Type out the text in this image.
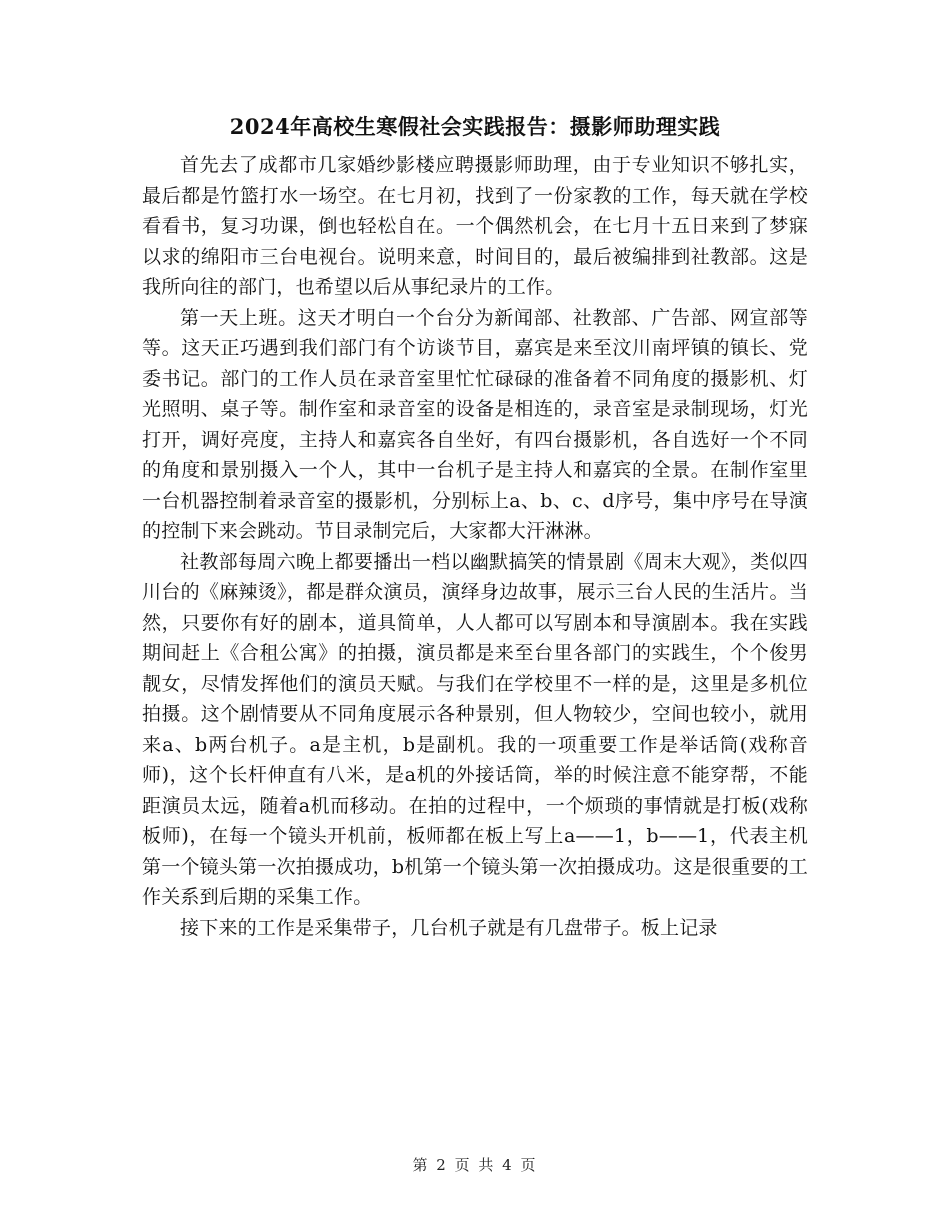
2024年高校生寒假社会实践报告：摄影师助理实践

首先去了成都市几家婚纱影楼应聘摄影师助理，由于专业知识不够扎实，最后都是竹篮打水一场空。在七月初，找到了一份家教的工作，每天就在学校看看书，复习功课，倒也轻松自在。一个偶然机会，在七月十五日来到了梦寐以求的绵阳市三台电视台。说明来意，时间目的，最后被编排到社教部。这是我所向往的部门，也希望以后从事纪录片的工作。

第一天上班。这天才明白一个台分为新闻部、社教部、广告部、网宣部等等。这天正巧遇到我们部门有个访谈节目，嘉宾是来至汶川南坪镇的镇长、党委书记。部门的工作人员在录音室里忙忙碌碌的准备着不同角度的摄影机、灯光照明、桌子等。制作室和录音室的设备是相连的，录音室是录制现场，灯光打开，调好亮度，主持人和嘉宾各自坐好，有四台摄影机，各自选好一个不同的角度和景别摄入一个人，其中一台机子是主持人和嘉宾的全景。在制作室里一台机器控制着录音室的摄影机，分别标上a、b、c、d序号，集中序号在导演的控制下来会跳动。节目录制完后，大家都大汗淋淋。

社教部每周六晚上都要播出一档以幽默搞笑的情景剧《周末大观》，类似四川台的《麻辣烫》，都是群众演员，演绎身边故事，展示三台人民的生活片。当然，只要你有好的剧本，道具简单，人人都可以写剧本和导演剧本。我在实践期间赶上《合租公寓》的拍摄，演员都是来至台里各部门的实践生，个个俊男靓女，尽情发挥他们的演员天赋。与我们在学校里不一样的是，这里是多机位拍摄。这个剧情要从不同角度展示各种景别，但人物较少，空间也较小，就用来a、b两台机子。a是主机，b是副机。我的一项重要工作是举话筒(戏称音师)，这个长杆伸直有八米，是a机的外接话筒，举的时候注意不能穿帮，不能距演员太远，随着a机而移动。在拍的过程中，一个烦琐的事情就是打板(戏称板师)，在每一个镜头开机前，板师都在板上写上a——1，b——1，代表主机第一个镜头第一次拍摄成功，b机第一个镜头第一次拍摄成功。这是很重要的工作关系到后期的采集工作。

接下来的工作是采集带子，几台机子就是有几盘带子。板上记录

第 2 页 共 4 页
